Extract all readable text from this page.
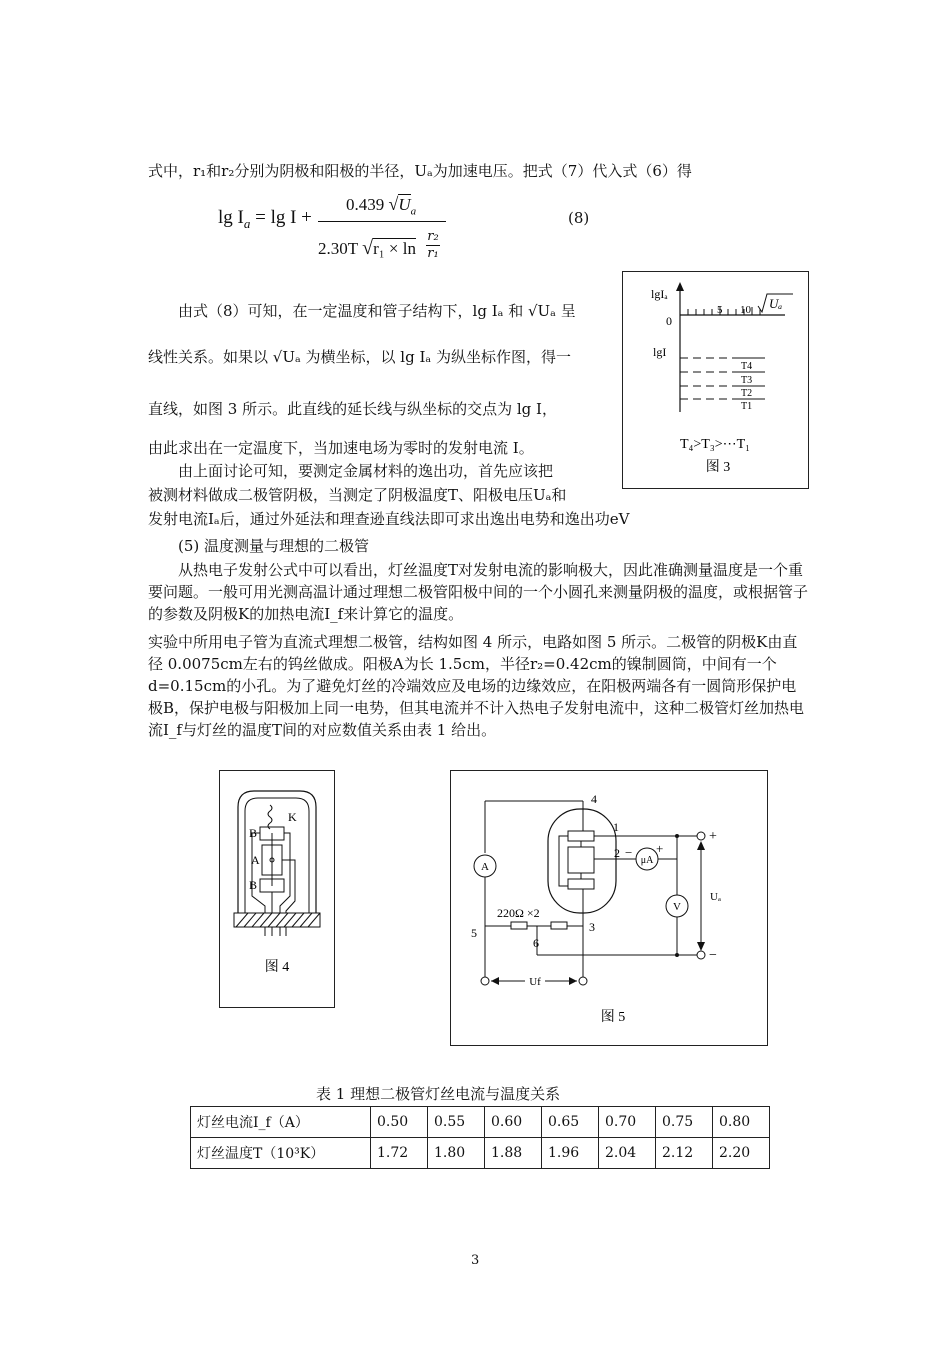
式中，r₁和r₂分别为阴极和阳极的半径，Uₐ为加速电压。把式（7）代入式（6）得
$\lg I_a = \lg I$ +
0.439 $√U_a$
2.30T √r₁ × ln
r₂
r₁
(8)
由式（8）可知，在一定温度和管子结构下，lg Iₐ 和 √Uₐ 呈
线性关系。如果以 √Uₐ 为横坐标，以 lg Iₐ 为纵坐标作图，得一
直线，如图 3 所示。此直线的延长线与纵坐标的交点为 lg I，
由此求出在一定温度下，当加速电场为零时的发射电流 I。
由上面讨论可知，要测定金属材料的逸出功，首先应该把
被测材料做成二极管阴极，当测定了阴极温度T、阳极电压Uₐ和
发射电流Iₐ后，通过外延法和理查逊直线法即可求出逸出电势和逸出功eV
lgIₐ
0
5 10 Uₐ
lgI
T4
T3
T2
T1
T₄>T₃>⋯T₁
图 3
(5) 温度测量与理想的二极管
从热电子发射公式中可以看出，灯丝温度T对发射电流的影响极大，因此准确测量温度是一个重要问题。一般可用光测高温计通过理想二极管阳极中间的一个小圆孔来测量阴极的温度，或根据管子的参数及阴极K的加热电流I_f来计算它的温度。
实验中所用电子管为直流式理想二极管，结构如图 4 所示，电路如图 5 所示。二极管的阴极K由直径 0.0075cm左右的钨丝做成。阳极A为长 1.5cm，半径r₂=0.42cm的镍制圆筒，中间有一个d=0.15cm的小孔。为了避免灯丝的冷端效应及电场的边缘效应，在阳极两端各有一圆筒形保护电极B，保护电极与阳极加上同一电势，但其电流并不计入热电子发射电流中，这种二极管灯丝加热电流I_f与灯丝的温度T间的对应数值关系由表 1 给出。
K
B
A
B
图 4
A
μA
V
Uf
4
1
2 − +
3
5
6
220Ω ×2
+
−
Uₐ
图 5
表 1 理想二极管灯丝电流与温度关系
灯丝电流I_f（A）	0.50	0.55	0.60	0.65	0.70	0.75	0.80
灯丝温度T（10³K）	1.72	1.80	1.88	1.96	2.04	2.12	2.20
3
